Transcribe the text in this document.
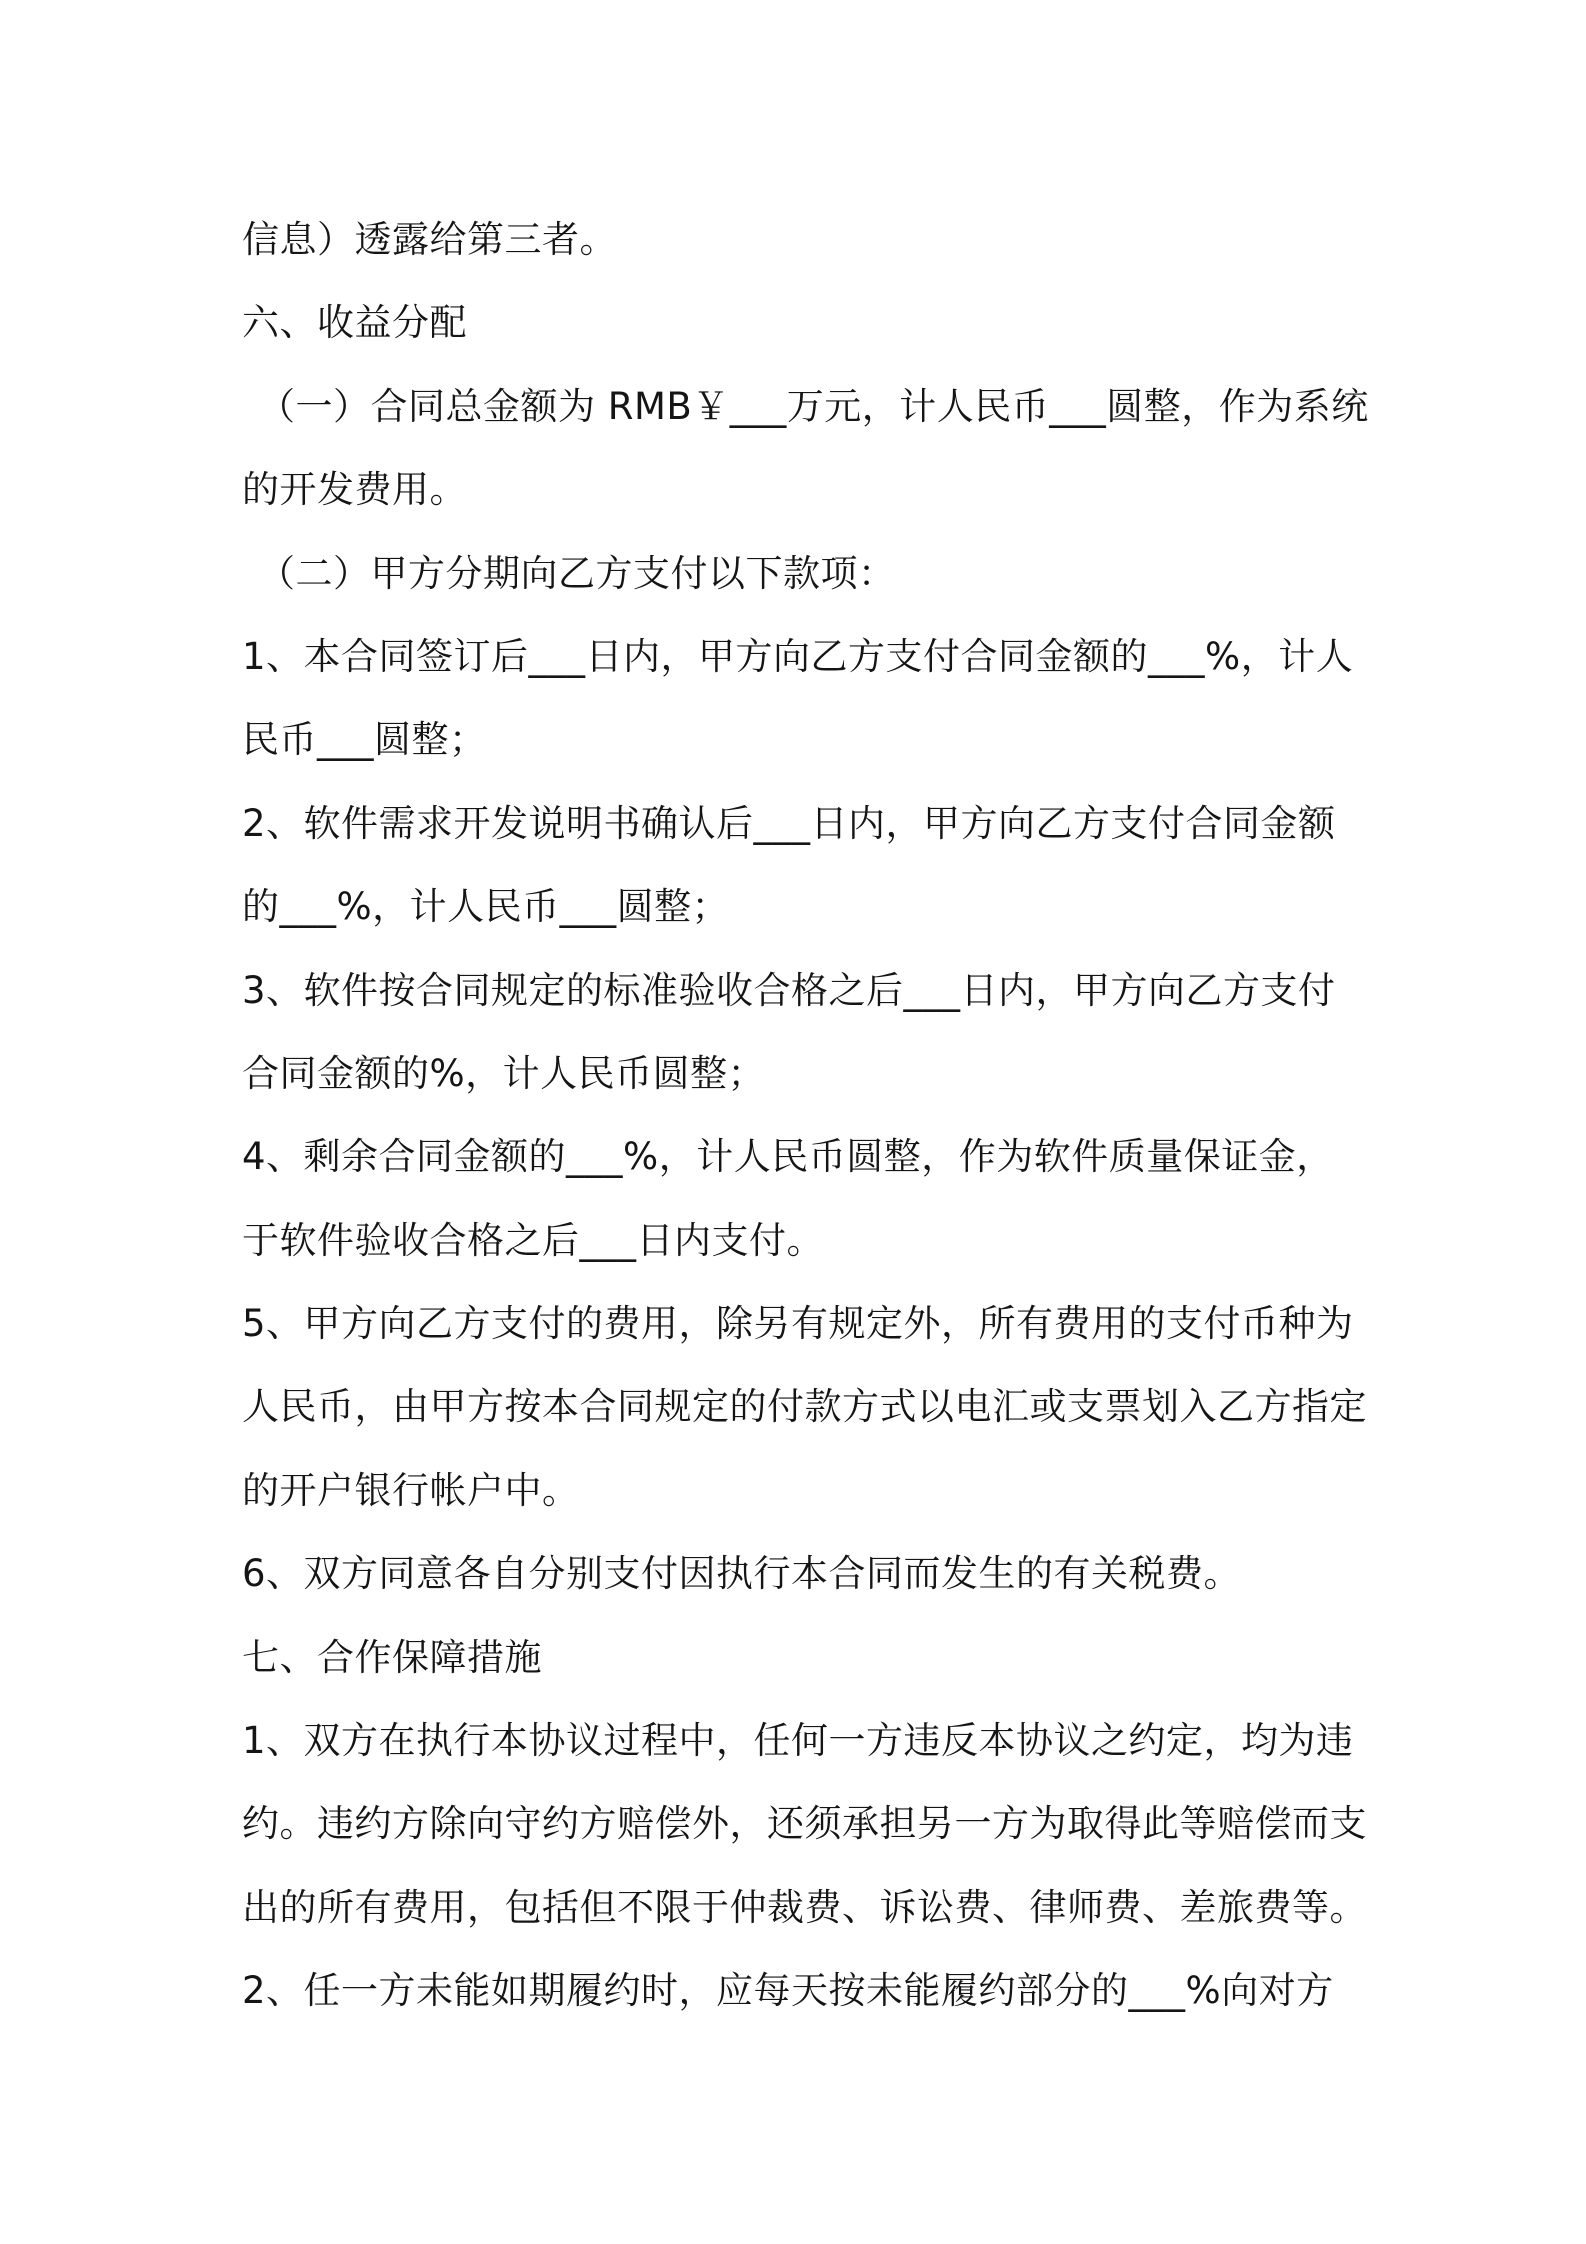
信息）透露给第三者。
六、收益分配
（一）合同总金额为 RMB￥___万元，计人民币___圆整，作为系统
的开发费用。
（二）甲方分期向乙方支付以下款项：
1、本合同签订后___日内，甲方向乙方支付合同金额的___%，计人
民币___圆整；
2、软件需求开发说明书确认后___日内，甲方向乙方支付合同金额
的___%，计人民币___圆整；
3、软件按合同规定的标准验收合格之后___日内，甲方向乙方支付
合同金额的%，计人民币圆整；
4、剩余合同金额的___%，计人民币圆整，作为软件质量保证金，
于软件验收合格之后___日内支付。
5、甲方向乙方支付的费用，除另有规定外，所有费用的支付币种为
人民币，由甲方按本合同规定的付款方式以电汇或支票划入乙方指定
的开户银行帐户中。
6、双方同意各自分别支付因执行本合同而发生的有关税费。
七、合作保障措施
1、双方在执行本协议过程中，任何一方违反本协议之约定，均为违
约。违约方除向守约方赔偿外，还须承担另一方为取得此等赔偿而支
出的所有费用，包括但不限于仲裁费、诉讼费、律师费、差旅费等。
2、任一方未能如期履约时，应每天按未能履约部分的___%向对方
